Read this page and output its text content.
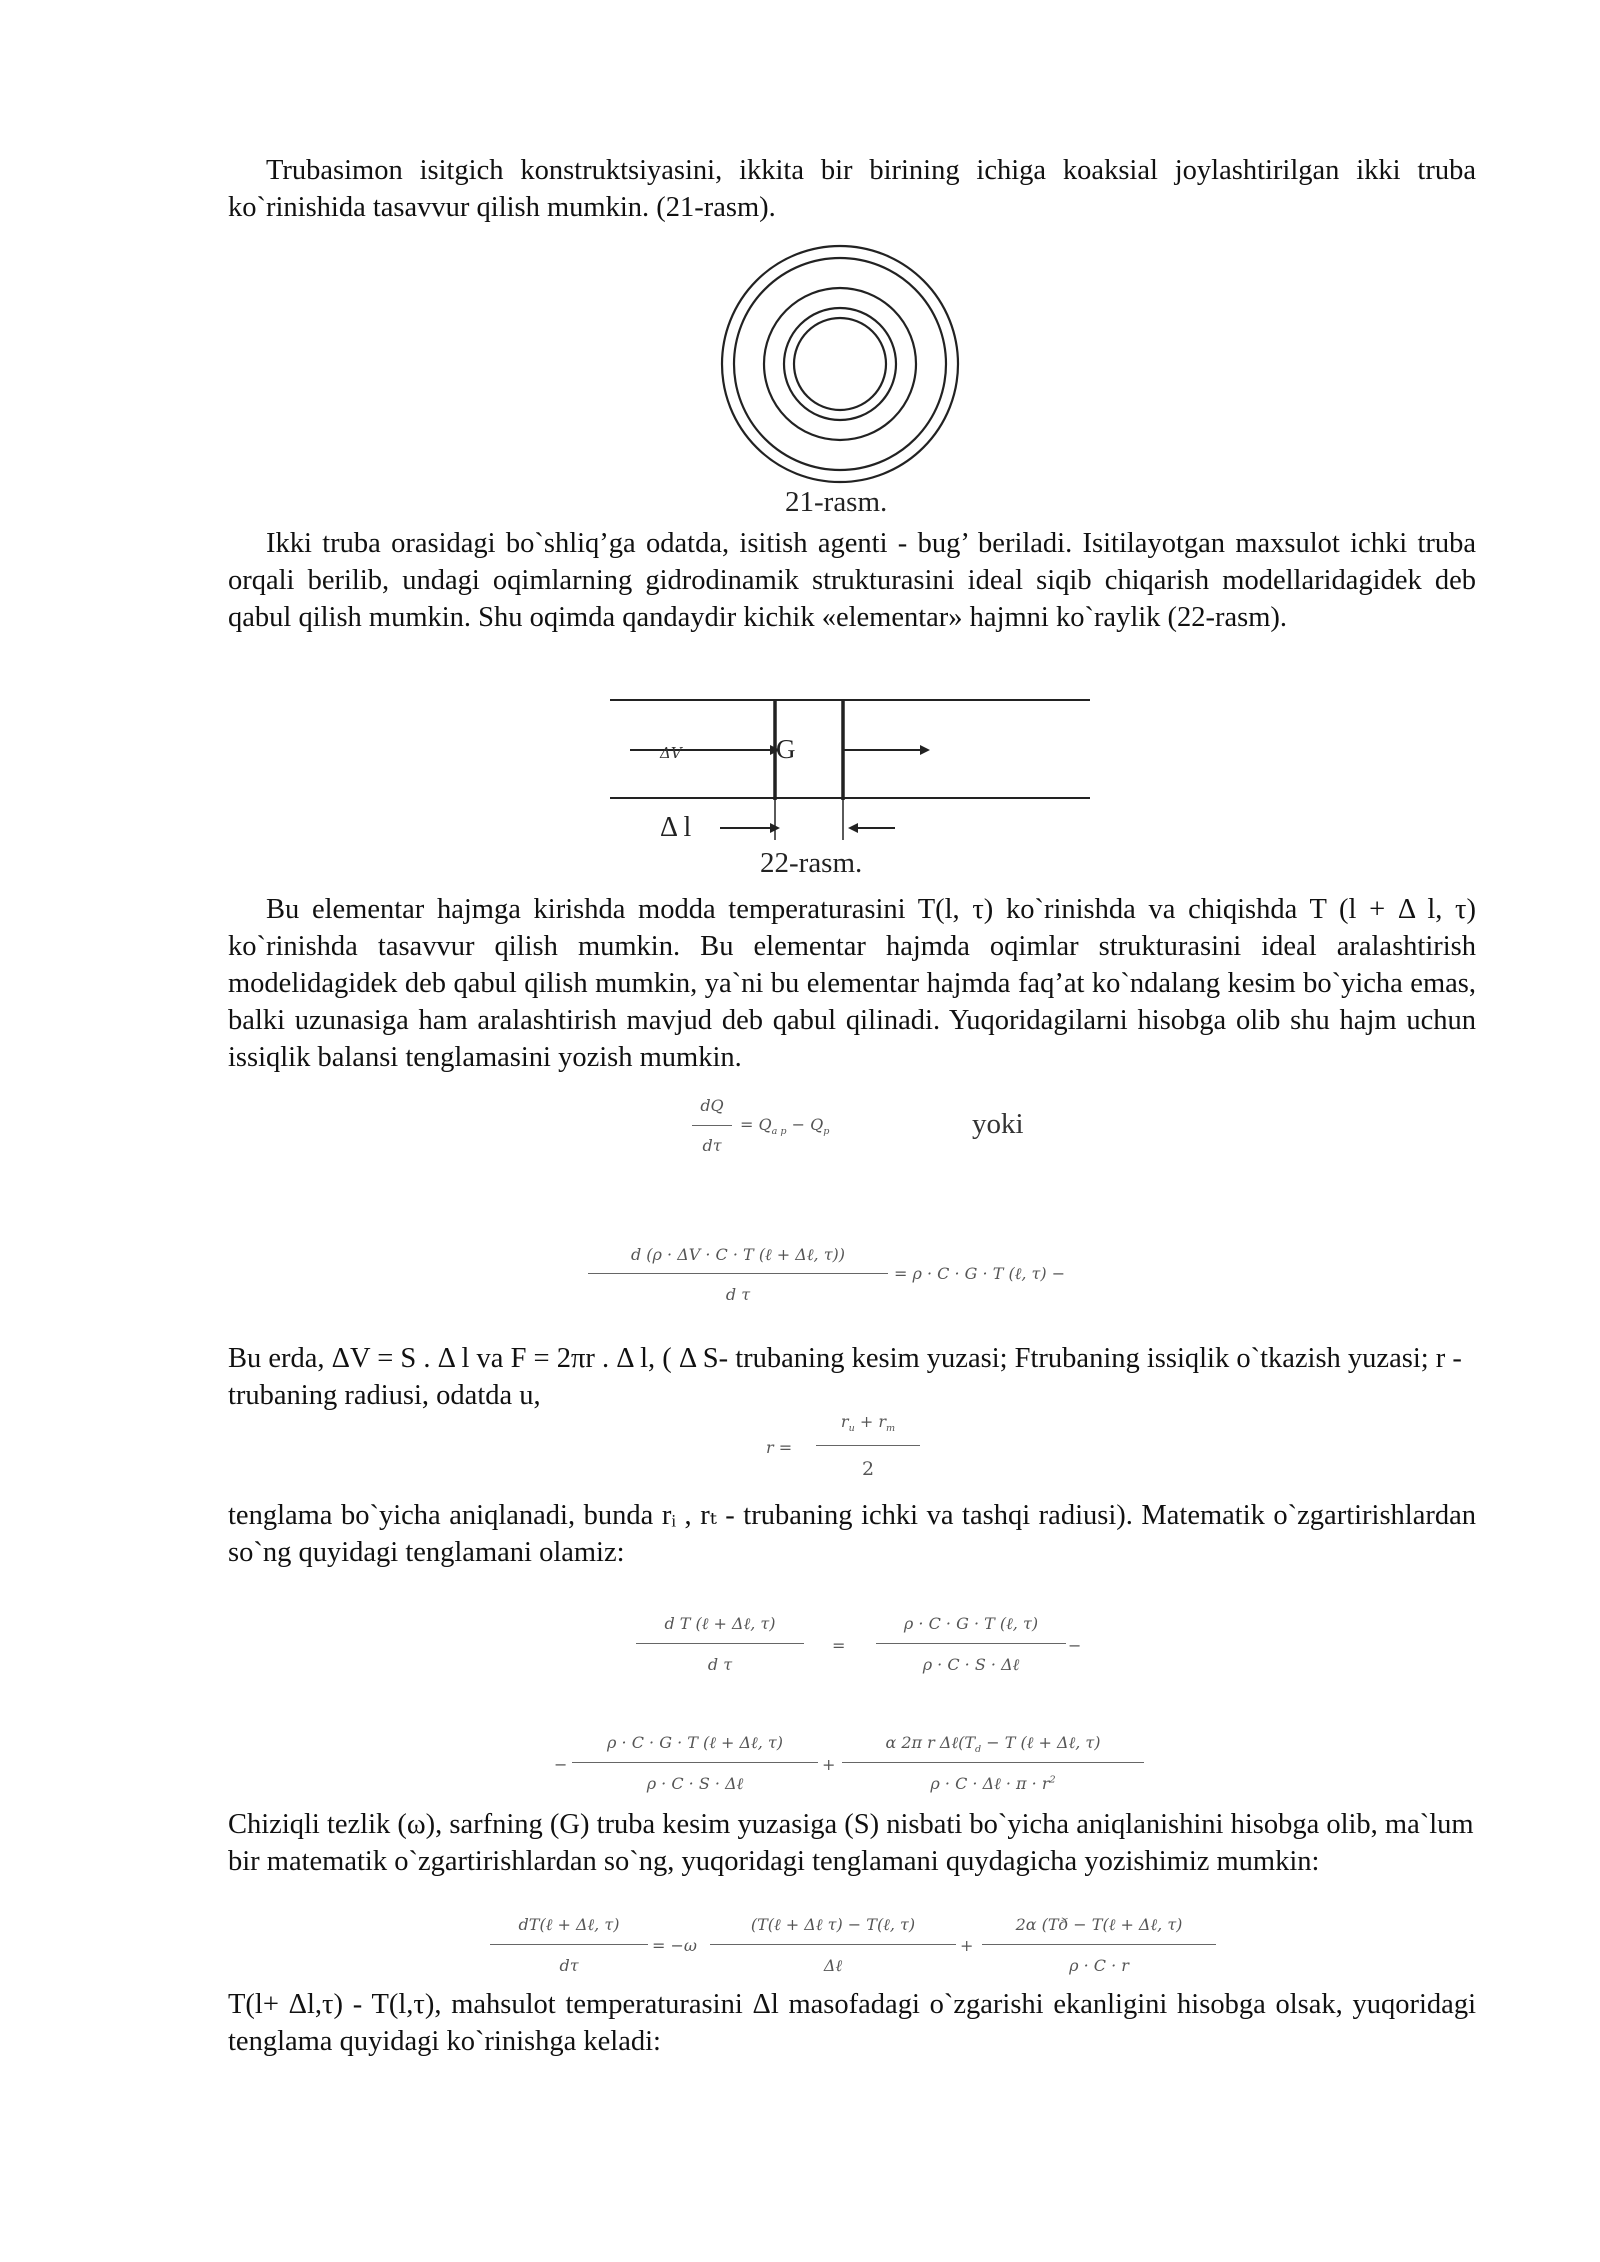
Trubasimon isitgich konstruktsiyasini, ikkita bir birining ichiga koaksial joylashtirilgan ikki truba ko`rinishida tasavvur qilish mumkin. (21-rasm).

21-rasm.

Ikki truba orasidagi bo`shliq’ga odatda, isitish agenti - bug’ beriladi. Isitilayotgan maxsulot ichki truba orqali berilib, undagi oqimlarning gidrodinamik strukturasini ideal siqib chiqarish modellaridagidek deb qabul qilish mumkin. Shu oqimda qandaydir kichik «elementar» hajmni ko`raylik (22-rasm).

ΔV	G
Δ l

22-rasm.

Bu elementar hajmga kirishda modda temperaturasini T(l, τ) ko`rinishda va chiqishda T (l + Δ l, τ) ko`rinishda tasavvur qilish mumkin. Bu elementar hajmda oqimlar strukturasini ideal aralashtirish modelidagidek deb qabul qilish mumkin, ya`ni bu elementar hajmda faq’at ko`ndalang kesim bo`yicha emas, balki uzunasiga ham aralashtirish mavjud deb qabul qilinadi. Yuqoridagilarni hisobga olib shu hajm uchun issiqlik balansi tenglamasini yozish mumkin.

dQ
dτ
= $Q_{a p} - Q_p$	yoki
d (ρ · ΔV · C · T (ℓ + Δℓ, τ))
d τ
= ρ · C · G · T (ℓ, τ) −

Bu erda, ΔV = S . Δ l va F = 2πr . Δ l, ( Δ S- trubaning kesim yuzasi; Ftrubaning issiqlik o`tkazish yuzasi; r -trubaning radiusi, odatda u,

r =
$r_u + r_m$
2

tenglama bo`yicha aniqlanadi, bunda rᵢ , rₜ - trubaning ichki va tashqi radiusi). Matematik o`zgartirishlardan so`ng quyidagi tenglamani olamiz:

d T (ℓ + Δℓ, τ)
d τ
=
ρ · C · G · T (ℓ, τ)
ρ · C · S · Δℓ
−
−
ρ · C · G · T (ℓ + Δℓ, τ)
ρ · C · S · Δℓ
+
α 2π r $\Delta\ell(T_d - T$ (ℓ + Δℓ, τ)
ρ · C · Δℓ · $\pi \cdot r^2$

Chiziqli tezlik (ω), sarfning (G) truba kesim yuzasiga (S) nisbati bo`yicha aniqlanishini hisobga olib, ma`lum bir matematik o`zgartirishlardan so`ng, yuqoridagi tenglamani quydagicha yozishimiz mumkin:

dT(ℓ + Δℓ, τ)
dτ
= −ω
(T(ℓ + Δℓ τ) − T(ℓ, τ)
Δℓ
+
2α (Tð − T(ℓ + Δℓ, τ)
ρ · C · r

T(l+ Δl,τ) - T(l,τ), mahsulot temperaturasini Δl masofadagi o`zgarishi ekanligini hisobga olsak, yuqoridagi tenglama quyidagi ko`rinishga keladi:
